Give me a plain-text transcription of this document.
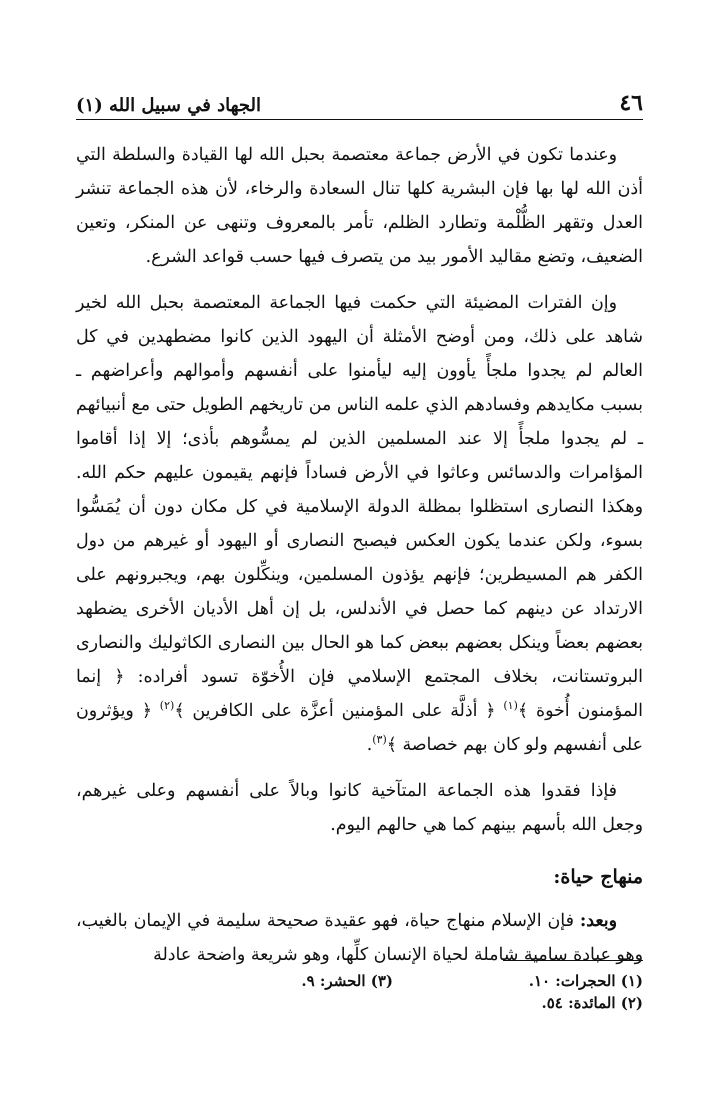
٤٦
الجهاد في سبيل الله (١)

وعندما تكون في الأرض جماعة معتصمة بحبل الله لها القيادة والسلطة التي أذن الله لها بها فإن البشرية كلها تنال السعادة والرخاء، لأن هذه الجماعة تنشر العدل وتقهر الظُّلْمة وتطارد الظلم، تأمر بالمعروف وتنهى عن المنكر، وتعين الضعيف، وتضع مقاليد الأمور بيد من يتصرف فيها حسب قواعد الشرع.

وإن الفترات المضيئة التي حكمت فيها الجماعة المعتصمة بحبل الله لخير شاهد على ذلك، ومن أوضح الأمثلة أن اليهود الذين كانوا مضطهدين في كل العالم لم يجدوا ملجأً يأوون إليه ليأمنوا على أنفسهم وأموالهم وأعراضهم ـ بسبب مكايدهم وفسادهم الذي علمه الناس من تاريخهم الطويل حتى مع أنبيائهم ـ لم يجدوا ملجأً إلا عند المسلمين الذين لم يمسُّوهم بأذى؛ إلا إذا أقاموا المؤامرات والدسائس وعاثوا في الأرض فساداً فإنهم يقيمون عليهم حكم الله. وهكذا النصارى استظلوا بمظلة الدولة الإسلامية في كل مكان دون أن يُمَسُّوا بسوء، ولكن عندما يكون العكس فيصبح النصارى أو اليهود أو غيرهم من دول الكفر هم المسيطرين؛ فإنهم يؤذون المسلمين، وينكِّلون بهم، ويجبرونهم على الارتداد عن دينهم كما حصل في الأندلس، بل إن أهل الأديان الأخرى يضطهد بعضهم بعضاً وينكل بعضهم ببعض كما هو الحال بين النصارى الكاثوليك والنصارى البروتستانت، بخلاف المجتمع الإسلامي فإن الأُخوّة تسود أفراده: ﴿ إنما المؤمنون أُخوة ﴾$^{(١)}$ ﴿ أذلَّة على المؤمنين أعزَّة على الكافرين ﴾$^{(٢)}$ ﴿ ويؤثرون على أنفسهم ولو كان بهم خصاصة ﴾$^{(٣)}$.

فإذا فقدوا هذه الجماعة المتآخية كانوا وبالاً على أنفسهم وعلى غيرهم، وجعل الله بأسهم بينهم كما هي حالهم اليوم.

منهاج حياة:

وبعد: فإن الإسلام منهاج حياة، فهو عقيدة صحيحة سليمة في الإيمان بالغيب، وهو عبادة سامية شاملة لحياة الإنسان كلِّها، وهو شريعة واضحة عادلة

(١) الحجرات: ١٠.
(٣) الحشر: ٩.
(٢) المائدة: ٥٤.
